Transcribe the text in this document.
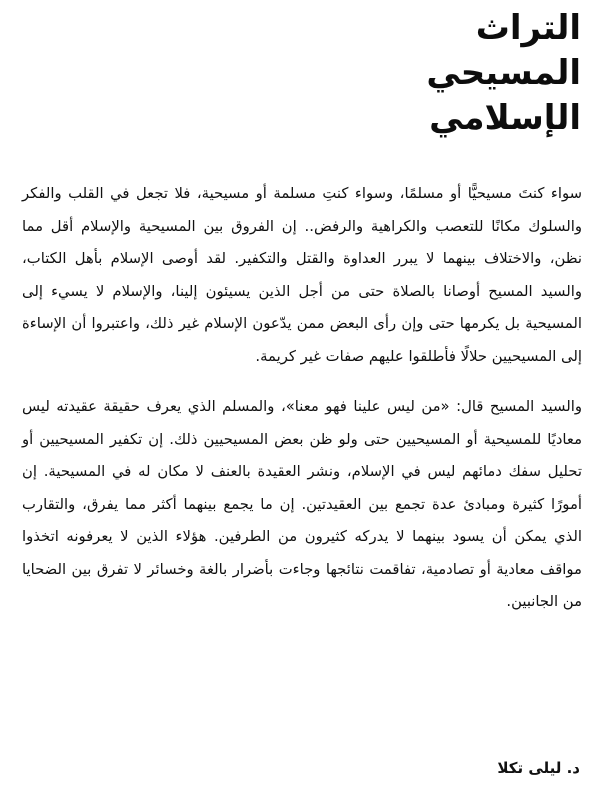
التراث
المسيحي
الإسلامي

سواء كنتَ مسيحيًّا أو مسلمًا، وسواء كنتِ مسلمة أو مسيحية، فلا تجعل في القلب والفكر والسلوك مكانًا للتعصب والكراهية والرفض.. إن الفروق بين المسيحية والإسلام أقل مما نظن، والاختلاف بينهما لا يبرر العداوة والقتل والتكفير. لقد أوصى الإسلام بأهل الكتاب، والسيد المسيح أوصانا بالصلاة حتى من أجل الذين يسيئون إلينا، والإسلام لا يسيء إلى المسيحية بل يكرمها حتى وإن رأى البعض ممن يدّعون الإسلام غير ذلك، واعتبروا أن الإساءة إلى المسيحيين حلالًا فأطلقوا عليهم صفات غير كريمة.

والسيد المسيح قال: «من ليس علينا فهو معنا»، والمسلم الذي يعرف حقيقة عقيدته ليس معاديًا للمسيحية أو المسيحيين حتى ولو ظن بعض المسيحيين ذلك. إن تكفير المسيحيين أو تحليل سفك دمائهم ليس في الإسلام، ونشر العقيدة بالعنف لا مكان له في المسيحية. إن أمورًا كثيرة ومبادئ عدة تجمع بين العقيدتين. إن ما يجمع بينهما أكثر مما يفرق، والتقارب الذي يمكن أن يسود بينهما لا يدركه كثيرون من الطرفين. هؤلاء الذين لا يعرفونه اتخذوا مواقف معادية أو تصادمية، تفاقمت نتائجها وجاءت بأضرار بالغة وخسائر لا تفرق بين الضحايا من الجانبين.

د. ليلى تكلا
